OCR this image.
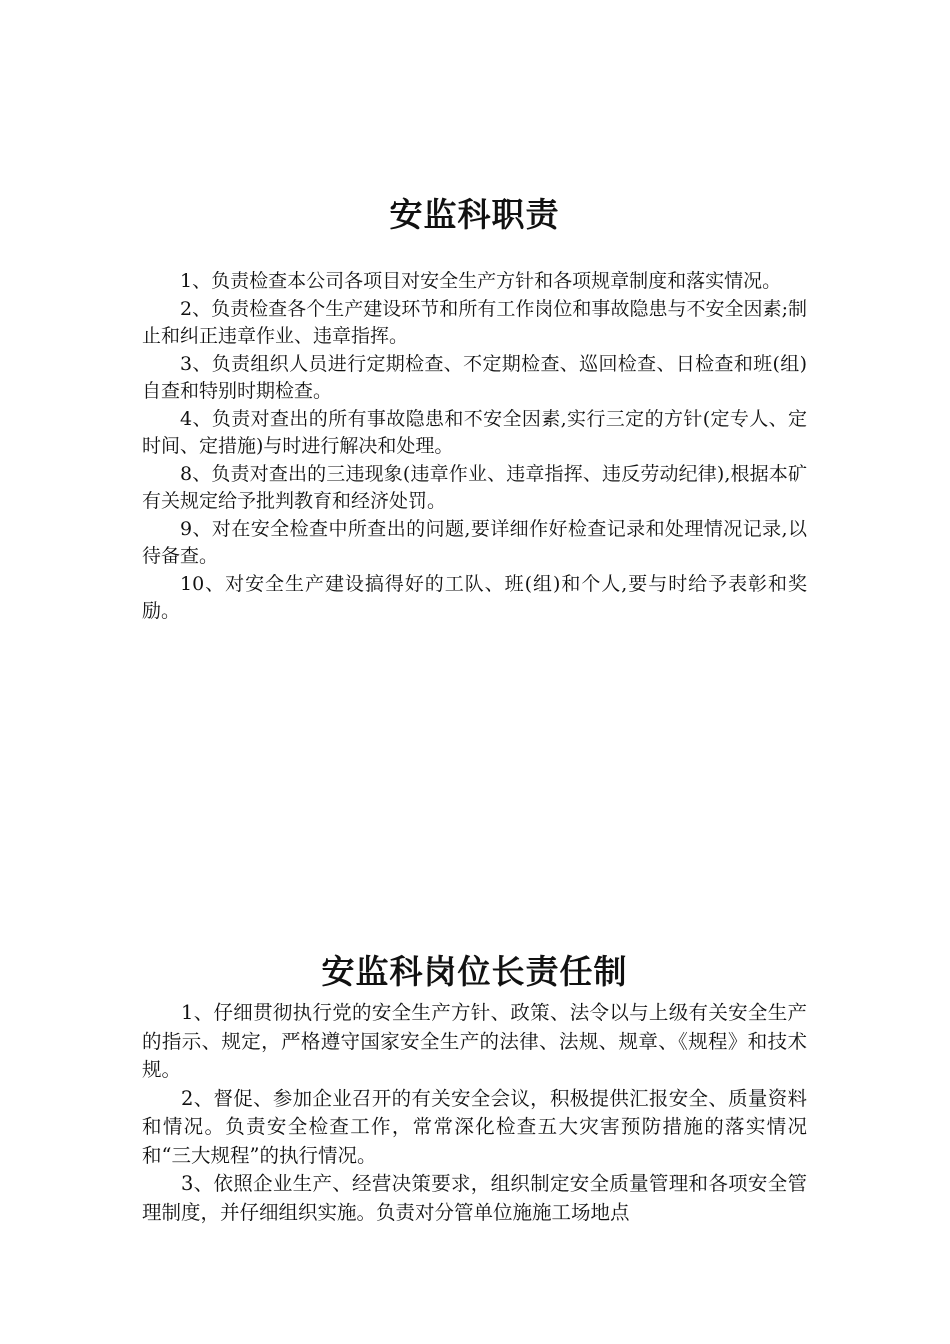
安监科职责

1、负责检查本公司各项目对安全生产方针和各项规章制度和落实情况。

2、负责检查各个生产建设环节和所有工作岗位和事故隐患与不安全因素;制止和纠正违章作业、违章指挥。

3、负责组织人员进行定期检查、不定期检查、巡回检查、日检查和班(组)自查和特别时期检查。

4、负责对查出的所有事故隐患和不安全因素,实行三定的方针(定专人、定时间、定措施)与时进行解决和处理。

8、负责对查出的三违现象(违章作业、违章指挥、违反劳动纪律),根据本矿有关规定给予批判教育和经济处罚。

9、对在安全检查中所查出的问题,要详细作好检查记录和处理情况记录,以待备查。

10、对安全生产建设搞得好的工队、班(组)和个人,要与时给予表彰和奖励。

安监科岗位长责任制

1、仔细贯彻执行党的安全生产方针、政策、法令以与上级有关安全生产的指示、规定，严格遵守国家安全生产的法律、法规、规章、《规程》和技术规。

2、督促、参加企业召开的有关安全会议，积极提供汇报安全、质量资料和情况。负责安全检查工作，常常深化检查五大灾害预防措施的落实情况和“三大规程”的执行情况。

3、依照企业生产、经营决策要求，组织制定安全质量管理和各项安全管理制度，并仔细组织实施。负责对分管单位施施工场地点
